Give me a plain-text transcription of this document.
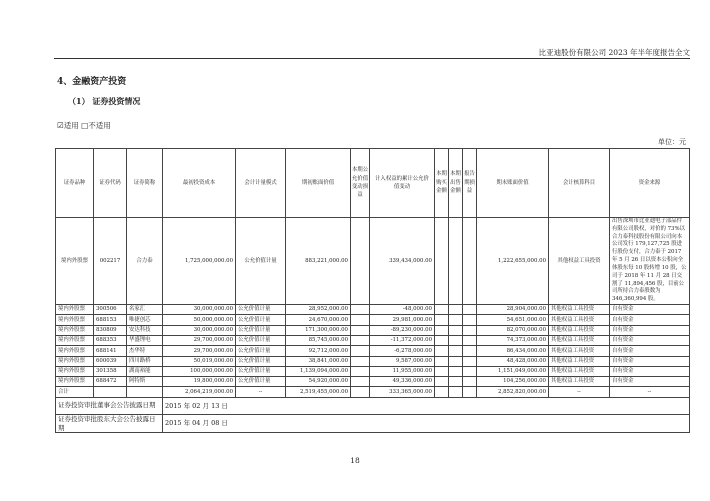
比亚迪股份有限公司 2023 年半年度报告全文
4、金融资产投资
（1） 证券投资情况
☑适用 □不适用
单位：元
证券品种	证券代码	证券简称	最初投资成本	会计计量模式	期初账面价值	本期公允价值变动损益	计入权益的累计公允价值变动	本期购买金额	本期出售金额	报告期损益	期末账面价值	会计核算科目	资金来源
境内外股票	002217	合力泰	1,725,000,000.00	公允价值计量	883,221,000.00		339,434,000.00				1,222,655,000.00	其他权益工具投资	出售深圳市比亚迪电子部品件有限公司股权，对价的 73%以合力泰科技股份有限公司向本公司发行 179,127,725 股进行股份支付，合力泰于 2017 年 5 月 26 日以资本公积向全体股东每 10 股转增 10 股，公司于 2018 年 11 月 28 日交割了 11,894,456 股，目前公司所持合力泰股数为 346,360,994 股。
境内外股票	300506	名家汇	30,000,000.00	公允价值计量	28,952,000.00		-48,000.00				28,904,000.00	其他权益工具投资	自有资金
境内外股票	688153	唯捷创芯	50,000,000.00	公允价值计量	24,670,000.00		29,981,000.00				54,651,000.00	其他权益工具投资	自有资金
境内外股票	830809	安达科技	30,000,000.00	公允价值计量	171,300,000.00		-89,230,000.00				82,070,000.00	其他权益工具投资	自有资金
境内外股票	688353	华盛锂电	29,700,000.00	公允价值计量	85,745,000.00		-11,372,000.00				74,373,000.00	其他权益工具投资	自有资金
境内外股票	688141	杰华特	29,700,000.00	公允价值计量	92,712,000.00		-6,278,000.00				86,434,000.00	其他权益工具投资	自有资金
境内外股票	600039	四川路桥	50,019,000.00	公允价值计量	38,841,000.00		9,587,000.00				48,428,000.00	其他权益工具投资	自有资金
境内外股票	301358	湖南裕能	100,000,000.00	公允价值计量	1,139,094,000.00		11,955,000.00				1,151,049,000.00	其他权益工具投资	自有资金
境内外股票	688472	阿特斯	19,800,000.00	公允价值计量	54,920,000.00		49,336,000.00				104,256,000.00	其他权益工具投资	自有资金
合计			2,064,219,000.00	--	2,519,455,000.00		333,365,000.00				2,852,820,000.00	--	--
证券投资审批董事会公告披露日期			2015 年 02 月 13 日										
证券投资审批股东大会公告披露日期			2015 年 04 月 08 日										
18
